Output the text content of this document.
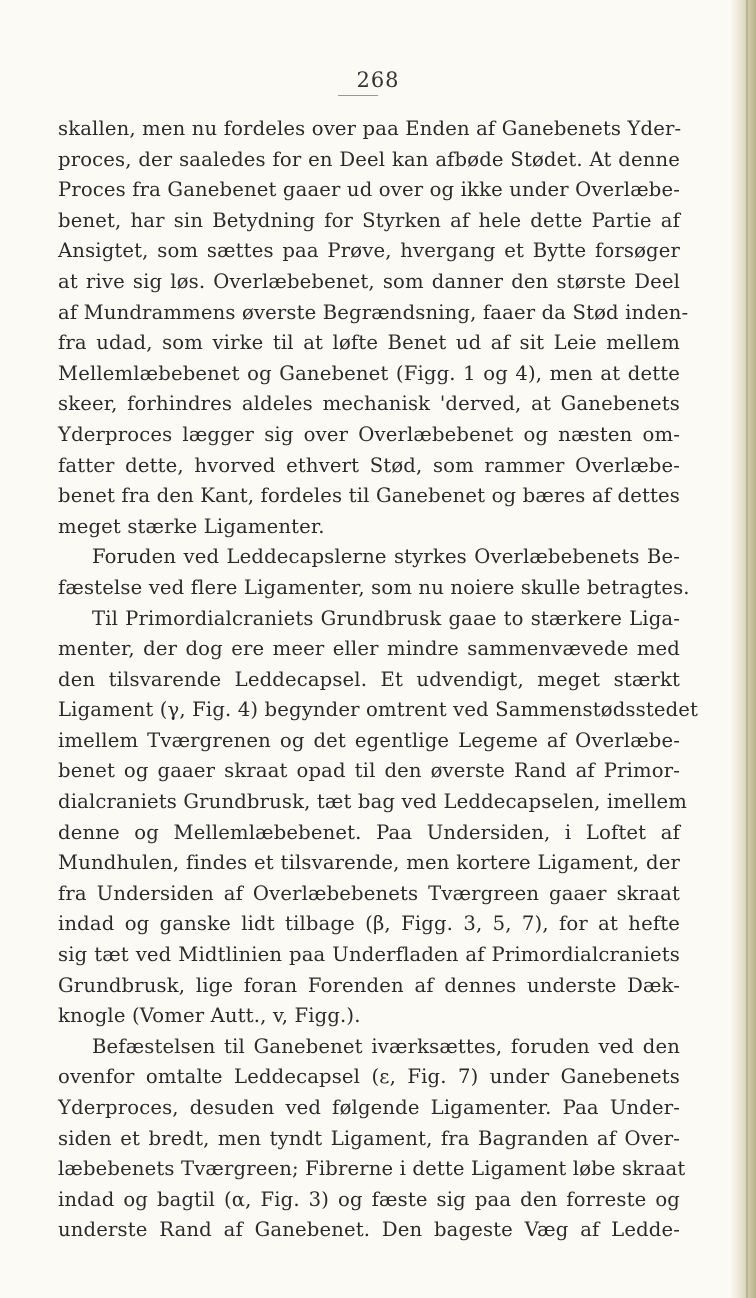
268
skallen, men nu fordeles over paa Enden af Ganebenets Yder-
proces, der saaledes for en Deel kan afbøde Stødet. At denne
Proces fra Ganebenet gaaer ud over og ikke under Overlæbe-
benet, har sin Betydning for Styrken af hele dette Partie af
Ansigtet, som sættes paa Prøve, hvergang et Bytte forsøger
at rive sig løs. Overlæbebenet, som danner den største Deel
af Mundrammens øverste Begrændsning, faaer da Stød inden-
fra udad, som virke til at løfte Benet ud af sit Leie mellem
Mellemlæbebenet og Ganebenet (Figg. 1 og 4), men at dette
skeer, forhindres aldeles mechanisk 'derved, at Ganebenets
Yderproces lægger sig over Overlæbebenet og næsten om-
fatter dette, hvorved ethvert Stød, som rammer Overlæbe-
benet fra den Kant, fordeles til Ganebenet og bæres af dettes
meget stærke Ligamenter.
Foruden ved Leddecapslerne styrkes Overlæbebenets Be-
fæstelse ved flere Ligamenter, som nu noiere skulle betragtes.
Til Primordialcraniets Grundbrusk gaae to stærkere Liga-
menter, der dog ere meer eller mindre sammenvævede med
den tilsvarende Leddecapsel. Et udvendigt, meget stærkt
Ligament (γ, Fig. 4) begynder omtrent ved Sammenstødsstedet
imellem Tværgrenen og det egentlige Legeme af Overlæbe-
benet og gaaer skraat opad til den øverste Rand af Primor-
dialcraniets Grundbrusk, tæt bag ved Leddecapselen, imellem
denne og Mellemlæbebenet. Paa Undersiden, i Loftet af
Mundhulen, findes et tilsvarende, men kortere Ligament, der
fra Undersiden af Overlæbebenets Tværgreen gaaer skraat
indad og ganske lidt tilbage (β, Figg. 3, 5, 7), for at hefte
sig tæt ved Midtlinien paa Underfladen af Primordialcraniets
Grundbrusk, lige foran Forenden af dennes underste Dæk-
knogle (Vomer Autt., v, Figg.).
Befæstelsen til Ganebenet iværksættes, foruden ved den
ovenfor omtalte Leddecapsel (ε, Fig. 7) under Ganebenets
Yderproces, desuden ved følgende Ligamenter. Paa Under-
siden et bredt, men tyndt Ligament, fra Bagranden af Over-
læbebenets Tværgreen; Fibrerne i dette Ligament løbe skraat
indad og bagtil (α, Fig. 3) og fæste sig paa den forreste og
underste Rand af Ganebenet. Den bageste Væg af Ledde-
